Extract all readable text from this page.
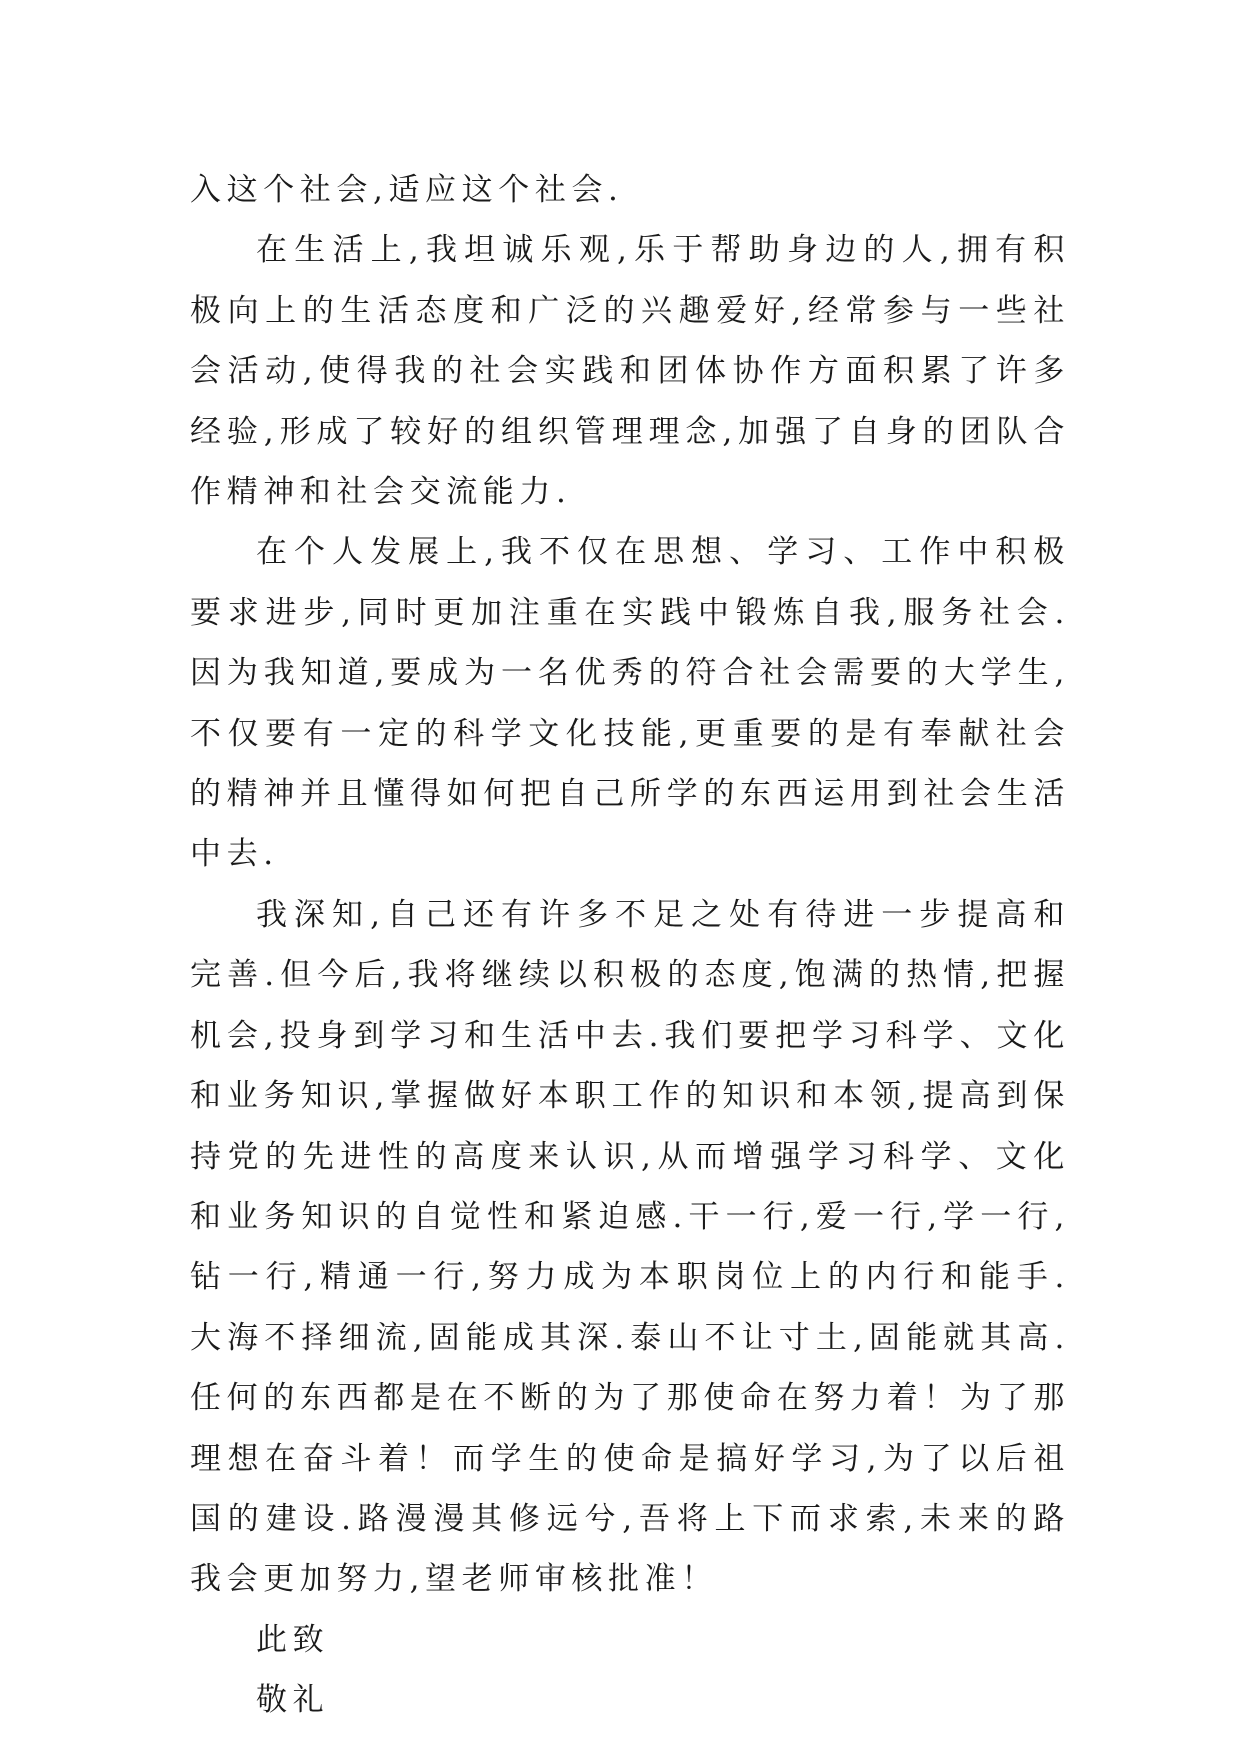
入这个社会,适应这个社会.

在生活上,我坦诚乐观,乐于帮助身边的人,拥有积极向上的生活态度和广泛的兴趣爱好,经常参与一些社会活动,使得我的社会实践和团体协作方面积累了许多经验,形成了较好的组织管理理念,加强了自身的团队合作精神和社会交流能力.

在个人发展上,我不仅在思想、学习、工作中积极要求进步,同时更加注重在实践中锻炼自我,服务社会.因为我知道,要成为一名优秀的符合社会需要的大学生,不仅要有一定的科学文化技能,更重要的是有奉献社会的精神并且懂得如何把自己所学的东西运用到社会生活中去.

我深知,自己还有许多不足之处有待进一步提高和完善.但今后,我将继续以积极的态度,饱满的热情,把握机会,投身到学习和生活中去.我们要把学习科学、文化和业务知识,掌握做好本职工作的知识和本领,提高到保持党的先进性的高度来认识,从而增强学习科学、文化和业务知识的自觉性和紧迫感.干一行,爱一行,学一行,钻一行,精通一行,努力成为本职岗位上的内行和能手.大海不择细流,固能成其深.泰山不让寸土,固能就其高.任何的东西都是在不断的为了那使命在努力着！为了那理想在奋斗着！而学生的使命是搞好学习,为了以后祖国的建设.路漫漫其修远兮,吾将上下而求索,未来的路我会更加努力,望老师审核批准！

此致

敬礼
